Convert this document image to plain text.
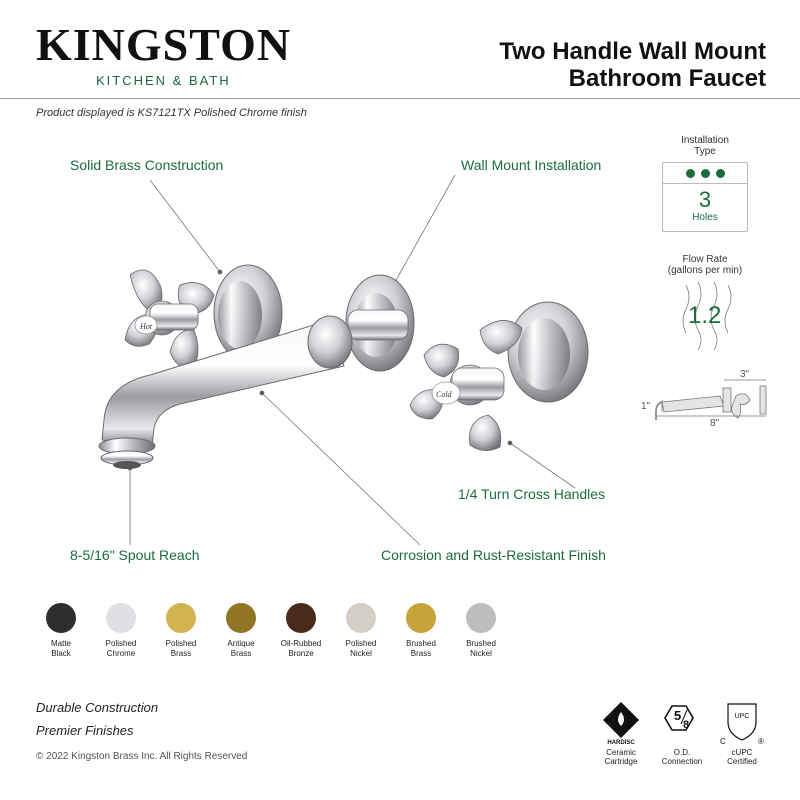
KINGSTON
KITCHEN & BATH
Two Handle Wall Mount
Bathroom Faucet
Product displayed is KS7121TX Polished Chrome finish
Hot
Cold
Solid Brass Construction	Wall Mount Installation
1/4 Turn Cross Handles
8-5/16" Spout Reach	Corrosion and Rust-Resistant Finish
Installation
Type
3
Holes
Flow Rate
(gallons per min)
1.2
3"
1"
8"
Matte
Black
Polished
Chrome
Polished
Brass
Antique
Brass
Oil-Rubbed
Bronze
Polished
Nickel
Brushed
Brass
Brushed
Nickel
Durable Construction
Premier Finishes
© 2022 Kingston Brass Inc. All Rights Reserved
HARDISC
5
8
UPC
C	®
Ceramic
Cartridge
O.D.
Connection
cUPC
Certified
